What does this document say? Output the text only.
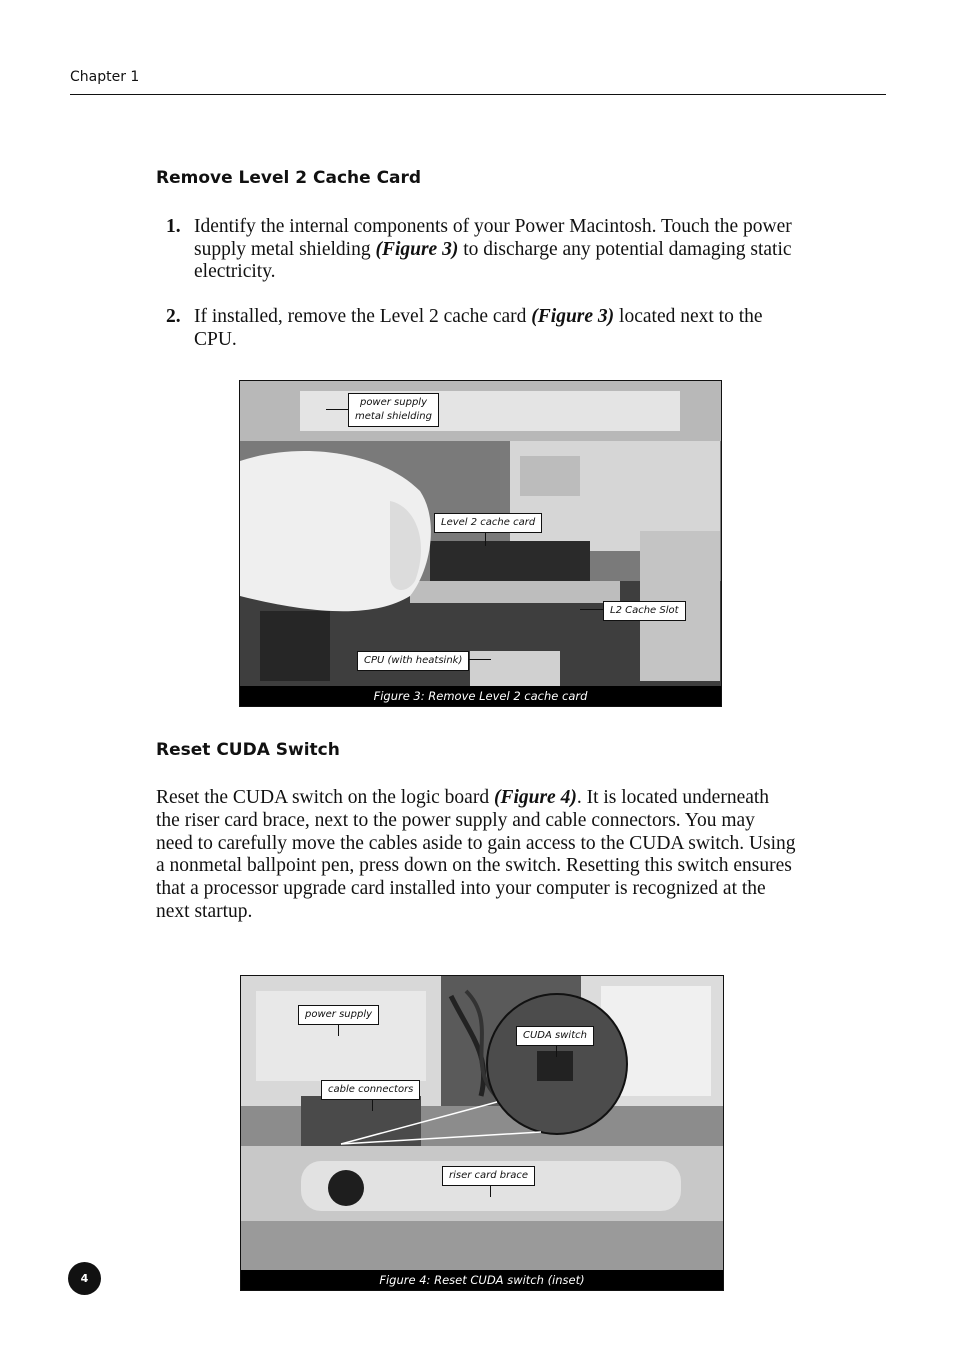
Chapter 1
Remove Level 2 Cache Card
1. Identify the internal components of your Power Macintosh. Touch the power supply metal shielding (Figure 3) to discharge any potential damaging static electricity.
2. If installed, remove the Level 2 cache card (Figure 3) located next to the CPU.
power supply
metal shielding
Level 2 cache card
L2 Cache Slot
CPU (with heatsink)
Figure 3: Remove Level 2 cache card
Reset CUDA Switch
Reset the CUDA switch on the logic board (Figure 4). It is located underneath the riser card brace, next to the power supply and cable connectors. You may need to carefully move the cables aside to gain access to the CUDA switch. Using a nonmetal ballpoint pen, press down on the switch. Resetting this switch ensures that a processor upgrade card installed into your computer is recognized at the next startup.
power supply
CUDA switch
cable connectors
riser card brace
Figure 4: Reset CUDA switch (inset)
4
